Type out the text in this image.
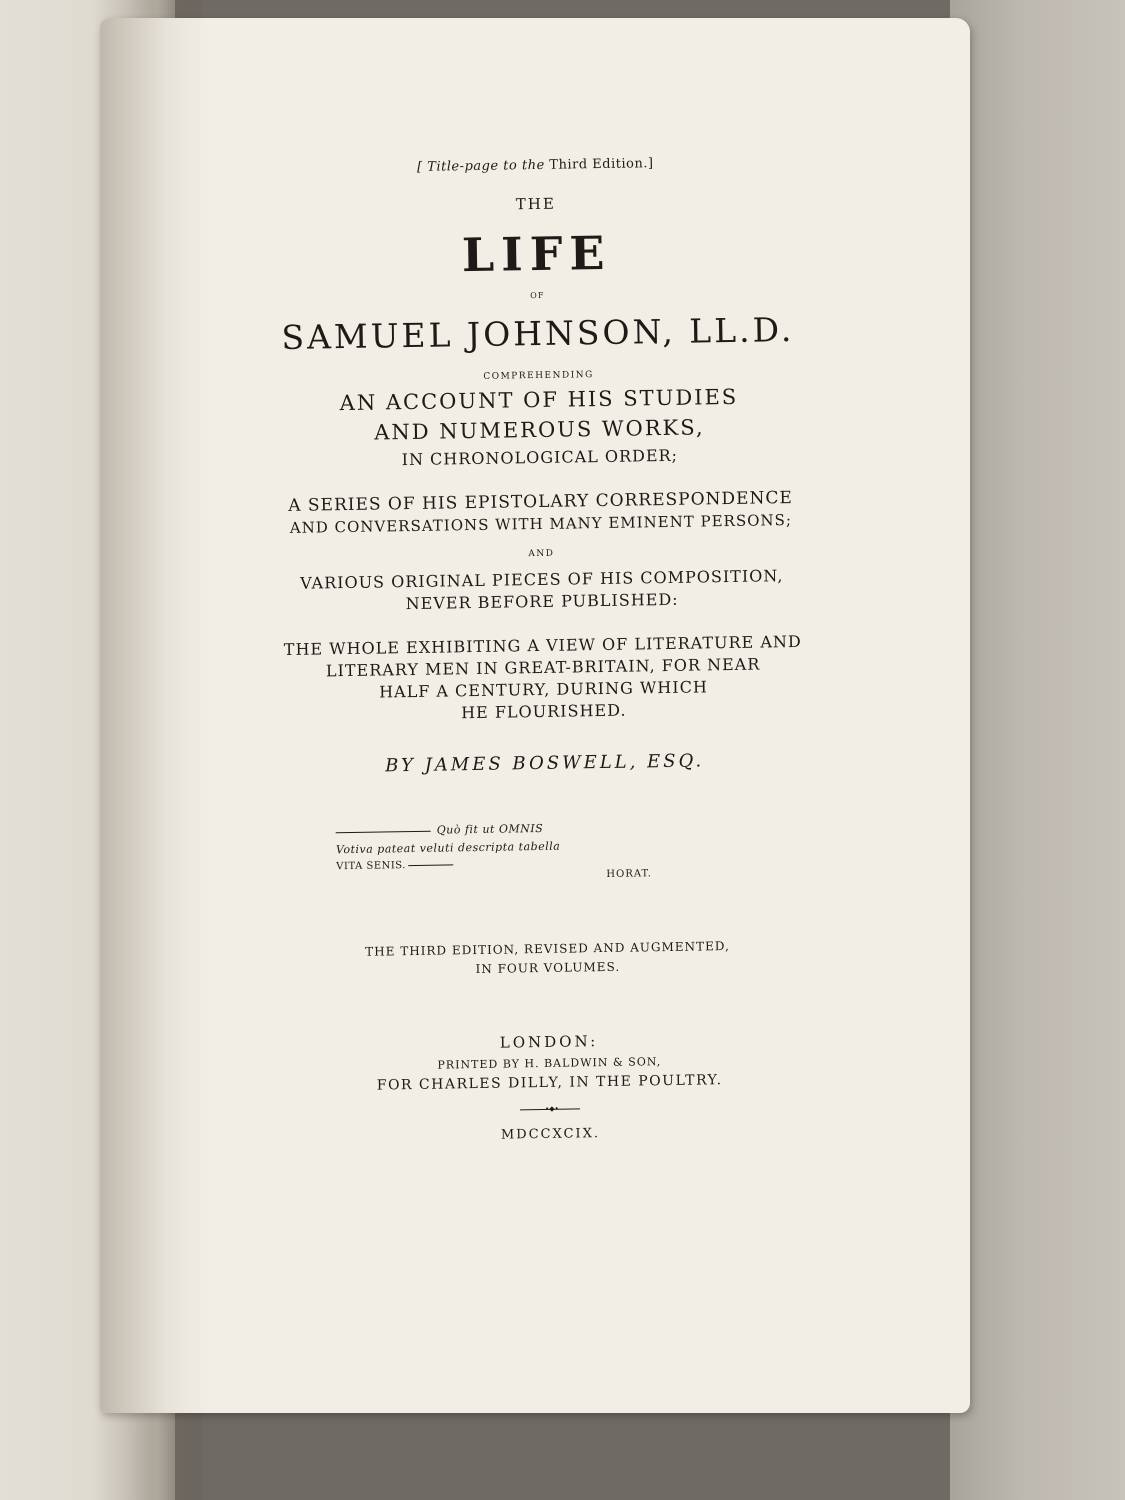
[ Title-page to the Third Edition.]

THE

LIFE

OF

SAMUEL JOHNSON, LL.D.

COMPREHENDING

AN ACCOUNT OF HIS STUDIES

AND NUMEROUS WORKS,

IN CHRONOLOGICAL ORDER;

A SERIES OF HIS EPISTOLARY CORRESPONDENCE

AND CONVERSATIONS WITH MANY EMINENT PERSONS;

AND

VARIOUS ORIGINAL PIECES OF HIS COMPOSITION,

NEVER BEFORE PUBLISHED:

THE WHOLE EXHIBITING A VIEW OF LITERATURE AND

LITERARY MEN IN GREAT-BRITAIN, FOR NEAR

HALF A CENTURY, DURING WHICH

HE FLOURISHED.

BY JAMES BOSWELL, ESQ.

Quò fit ut OMNIS
Votiva pateat veluti descripta tabella
VITA SENIS.
HORAT.

THE THIRD EDITION, REVISED AND AUGMENTED,

IN FOUR VOLUMES.

LONDON:

PRINTED BY H. BALDWIN & SON,

FOR CHARLES DILLY, IN THE POULTRY.

•◆•

MDCCXCIX.
